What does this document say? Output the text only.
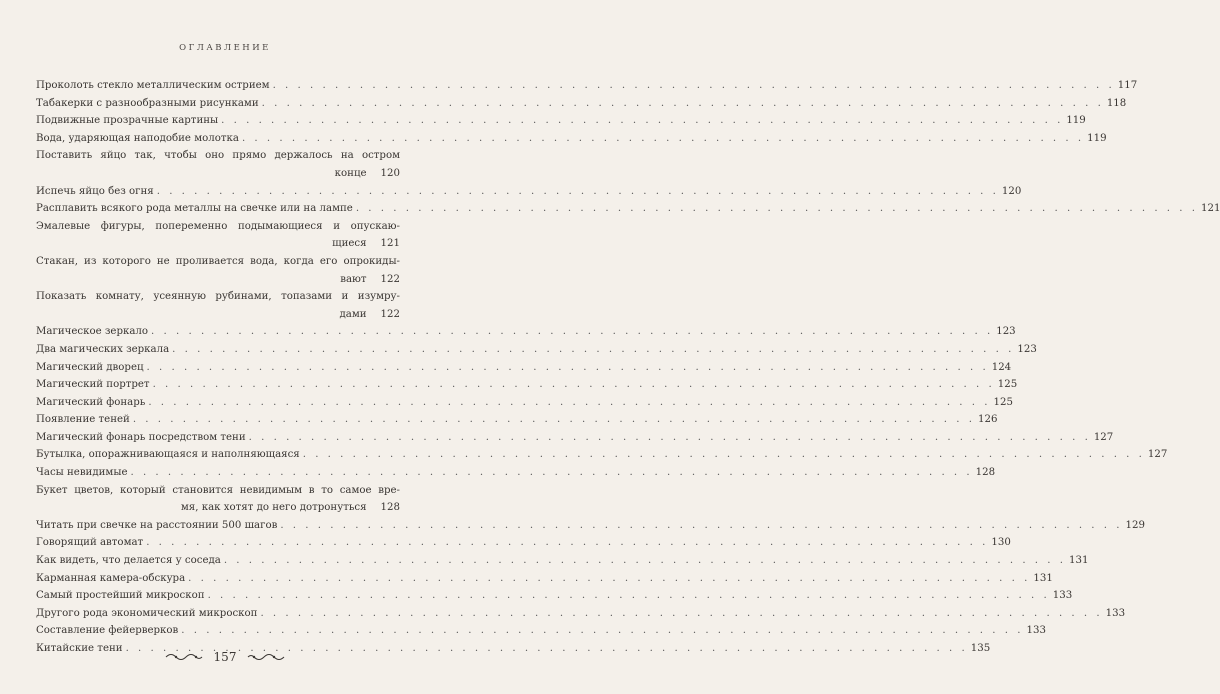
ОГЛАВЛЕНИЕ
Проколоть стекло металлическим острием . . .	117
Табакерки с разнообразными рисунками . . .	118
Подвижные прозрачные картины . . .	119
Вода, ударяющая наподобие молотка . . .	119
Поставить яйцо так, чтобы оно прямо держалось на остром
конце 120
Испечь яйцо без огня . . .	120
Расплавить всякого рода металлы на свечке или на лампе . . .	121
Эмалевые фигуры, попеременно подымающиеся и опускаю-
щиеся 121
Стакан, из которого не проливается вода, когда его опрокиды-
вают 122
Показать комнату, усеянную рубинами, топазами и изумру-
дами 122
Магическое зеркало . . .	123
Два магических зеркала . . .	123
Магический дворец . . .	124
Магический портрет . . .	125
Магический фонарь . . .	125
Появление теней . . .	126
Магический фонарь посредством тени . . .	127
Бутылка, опоражнивающаяся и наполняющаяся . . .	127
Часы невидимые . . .	128
Букет цветов, который становится невидимым в то самое вре-
мя, как хотят до него дотронуться 128
Читать при свечке на расстоянии 500 шагов . . .	129
Говорящий автомат . . .	130
Как видеть, что делается у соседа . . .	131
Карманная камера-обскура . . .	131
Самый простейший микроскоп . . .	133
Другого рода экономический микроскоп . . .	133
Составление фейерверков . . .	133
Китайские тени . . .	135
157
